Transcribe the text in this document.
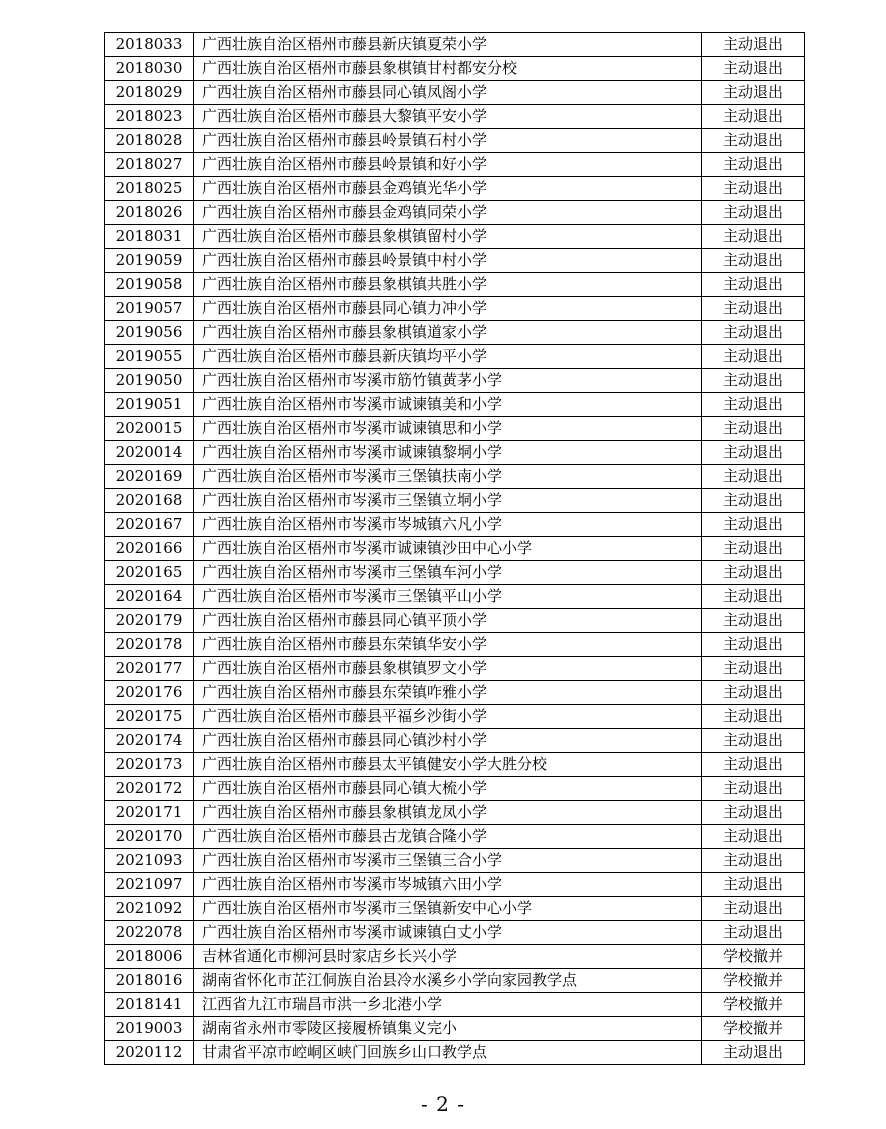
2018033	广西壮族自治区梧州市藤县新庆镇夏荣小学	主动退出
2018030	广西壮族自治区梧州市藤县象棋镇甘村都安分校	主动退出
2018029	广西壮族自治区梧州市藤县同心镇凤阁小学	主动退出
2018023	广西壮族自治区梧州市藤县大黎镇平安小学	主动退出
2018028	广西壮族自治区梧州市藤县岭景镇石村小学	主动退出
2018027	广西壮族自治区梧州市藤县岭景镇和好小学	主动退出
2018025	广西壮族自治区梧州市藤县金鸡镇光华小学	主动退出
2018026	广西壮族自治区梧州市藤县金鸡镇同荣小学	主动退出
2018031	广西壮族自治区梧州市藤县象棋镇留村小学	主动退出
2019059	广西壮族自治区梧州市藤县岭景镇中村小学	主动退出
2019058	广西壮族自治区梧州市藤县象棋镇共胜小学	主动退出
2019057	广西壮族自治区梧州市藤县同心镇力冲小学	主动退出
2019056	广西壮族自治区梧州市藤县象棋镇道家小学	主动退出
2019055	广西壮族自治区梧州市藤县新庆镇均平小学	主动退出
2019050	广西壮族自治区梧州市岑溪市筋竹镇黄茅小学	主动退出
2019051	广西壮族自治区梧州市岑溪市诚谏镇美和小学	主动退出
2020015	广西壮族自治区梧州市岑溪市诚谏镇思和小学	主动退出
2020014	广西壮族自治区梧州市岑溪市诚谏镇黎垌小学	主动退出
2020169	广西壮族自治区梧州市岑溪市三堡镇扶南小学	主动退出
2020168	广西壮族自治区梧州市岑溪市三堡镇立垌小学	主动退出
2020167	广西壮族自治区梧州市岑溪市岑城镇六凡小学	主动退出
2020166	广西壮族自治区梧州市岑溪市诚谏镇沙田中心小学	主动退出
2020165	广西壮族自治区梧州市岑溪市三堡镇车河小学	主动退出
2020164	广西壮族自治区梧州市岑溪市三堡镇平山小学	主动退出
2020179	广西壮族自治区梧州市藤县同心镇平顶小学	主动退出
2020178	广西壮族自治区梧州市藤县东荣镇华安小学	主动退出
2020177	广西壮族自治区梧州市藤县象棋镇罗文小学	主动退出
2020176	广西壮族自治区梧州市藤县东荣镇咋雅小学	主动退出
2020175	广西壮族自治区梧州市藤县平福乡沙街小学	主动退出
2020174	广西壮族自治区梧州市藤县同心镇沙村小学	主动退出
2020173	广西壮族自治区梧州市藤县太平镇健安小学大胜分校	主动退出
2020172	广西壮族自治区梧州市藤县同心镇大梳小学	主动退出
2020171	广西壮族自治区梧州市藤县象棋镇龙凤小学	主动退出
2020170	广西壮族自治区梧州市藤县古龙镇合隆小学	主动退出
2021093	广西壮族自治区梧州市岑溪市三堡镇三合小学	主动退出
2021097	广西壮族自治区梧州市岑溪市岑城镇六田小学	主动退出
2021092	广西壮族自治区梧州市岑溪市三堡镇新安中心小学	主动退出
2022078	广西壮族自治区梧州市岑溪市诚谏镇白丈小学	主动退出
2018006	吉林省通化市柳河县时家店乡长兴小学	学校撤并
2018016	湖南省怀化市芷江侗族自治县冷水溪乡小学向家园教学点	学校撤并
2018141	江西省九江市瑞昌市洪一乡北港小学	学校撤并
2019003	湖南省永州市零陵区接履桥镇集义完小	学校撤并
2020112	甘肃省平凉市崆峒区峡门回族乡山口教学点	主动退出
- 2 -
